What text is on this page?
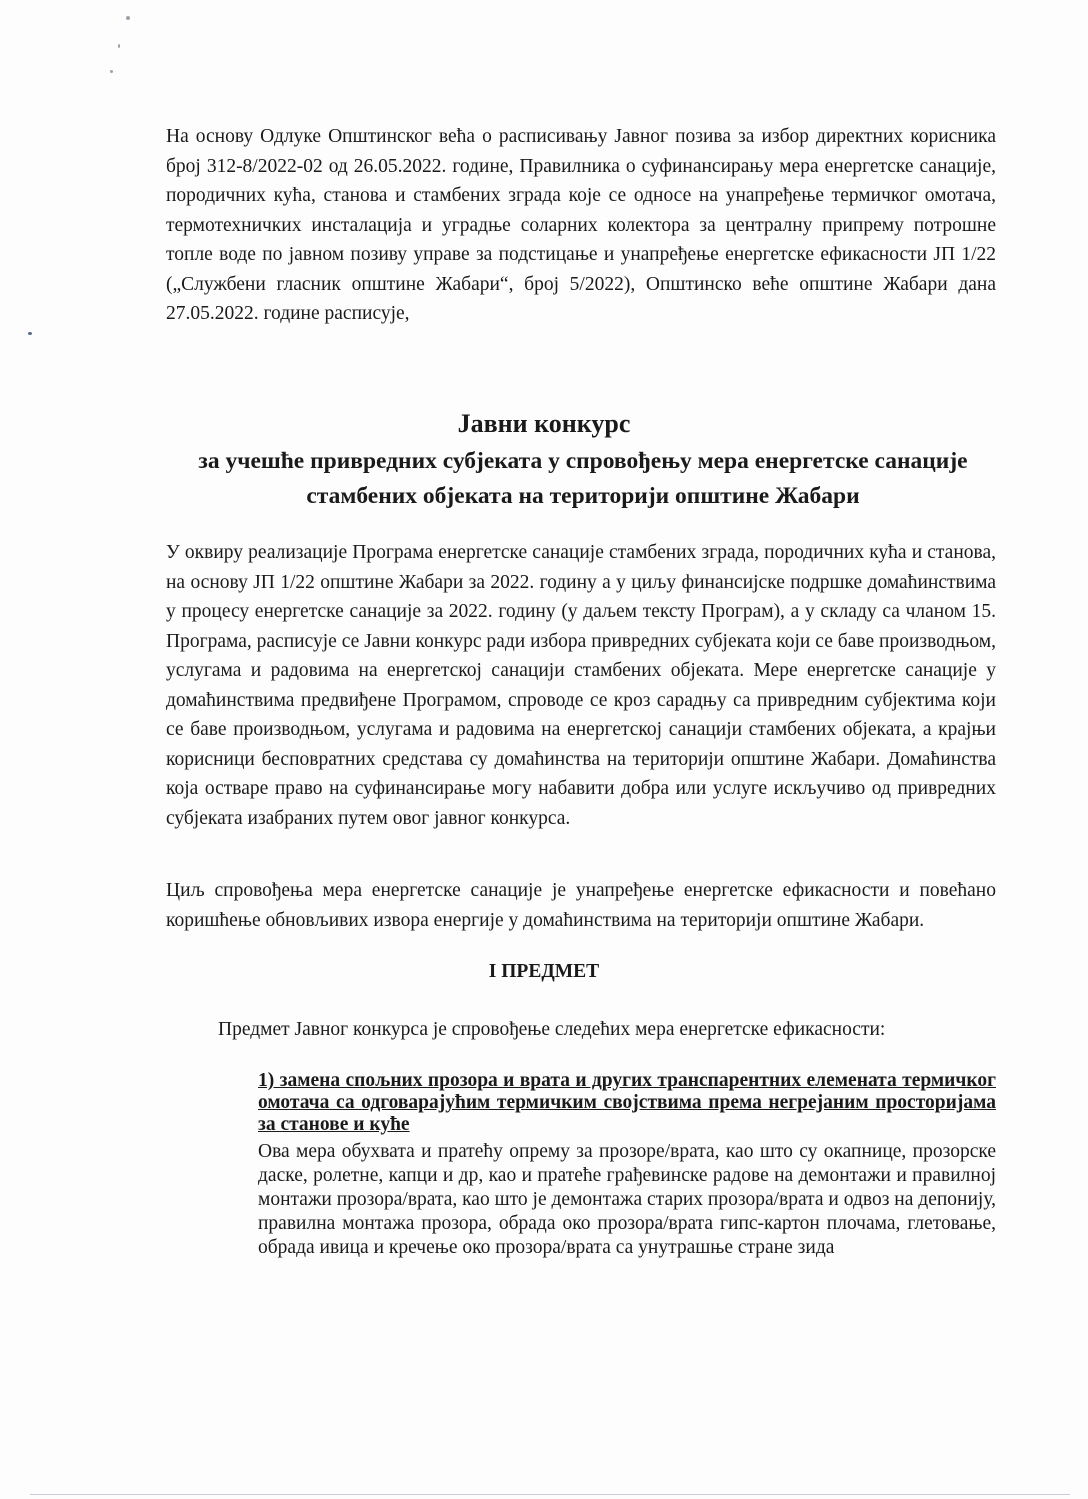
На основу Одлуке Општинског већа о расписивању Јавног позива за избор директних корисника број 312-8/2022-02 од 26.05.2022. године, Правилника о суфинансирању мера енергетске санације, породичних кућа, станова и стамбених зграда које се односе на унапређење термичког омотача, термотехничких инсталација и уградње соларних колектора за централну припрему потрошне топле воде по јавном позиву управе за подстицање и унапређење енергетске ефикасности ЈП 1/22 („Службени гласник општине Жабари“, број 5/2022), Општинско веће општине Жабари дана 27.05.2022. године расписује,

Јавни конкурс
за учешће привредних субјеката у спровођењу мера енергетске санације стамбених објеката на територији општине Жабари

У оквиру реализације Програма енергетске санације стамбених зграда, породичних кућа и станова, на основу ЈП 1/22 општине Жабари за 2022. годину а у циљу финансијске подршке домаћинствима у процесу енергетске санације за 2022. годину (у даљем тексту Програм), а у складу са чланом 15. Програма, расписује се Јавни конкурс ради избора привредних субјеката који се баве производњом, услугама и радовима на енергетској санацији стамбених објеката. Мере енергетске санације у домаћинствима предвиђене Програмом, спроводе се кроз сарадњу са привредним субјектима који се баве производњом, услугама и радовима на енергетској санацији стамбених објеката, а крајњи корисници бесповратних средстава су домаћинства на територији општине Жабари. Домаћинства која остваре право на суфинансирање могу набавити добра или услуге искључиво од привредних субјеката изабраних путем овог јавног конкурса.

Циљ спровођења мера енергетске санације је унапређење енергетске ефикасности и повећано коришћење обновљивих извора енергије у домаћинствима на територији општине Жабари.

I ПРЕДМЕТ

Предмет Јавног конкурса је спровођење следећих мера енергетске ефикасности:

1) замена спољних прозора и врата и других транспарентних елемената термичког омотача са одговарајућим термичким својствима према негрејаним просторијама за станове и куће

Ова мера обухвата и пратећу опрему за прозоре/врата, као што су окапнице, прозорске даске, ролетне, капци и др, као и пратеће грађевинске радове на демонтажи и правилној монтажи прозора/врата, као што је демонтажа старих прозора/врата и одвоз на депонију, правилна монтажа прозора, обрада око прозора/врата гипс-картон плочама, глетовање, обрада ивица и кречење око прозора/врата са унутрашње стране зида
